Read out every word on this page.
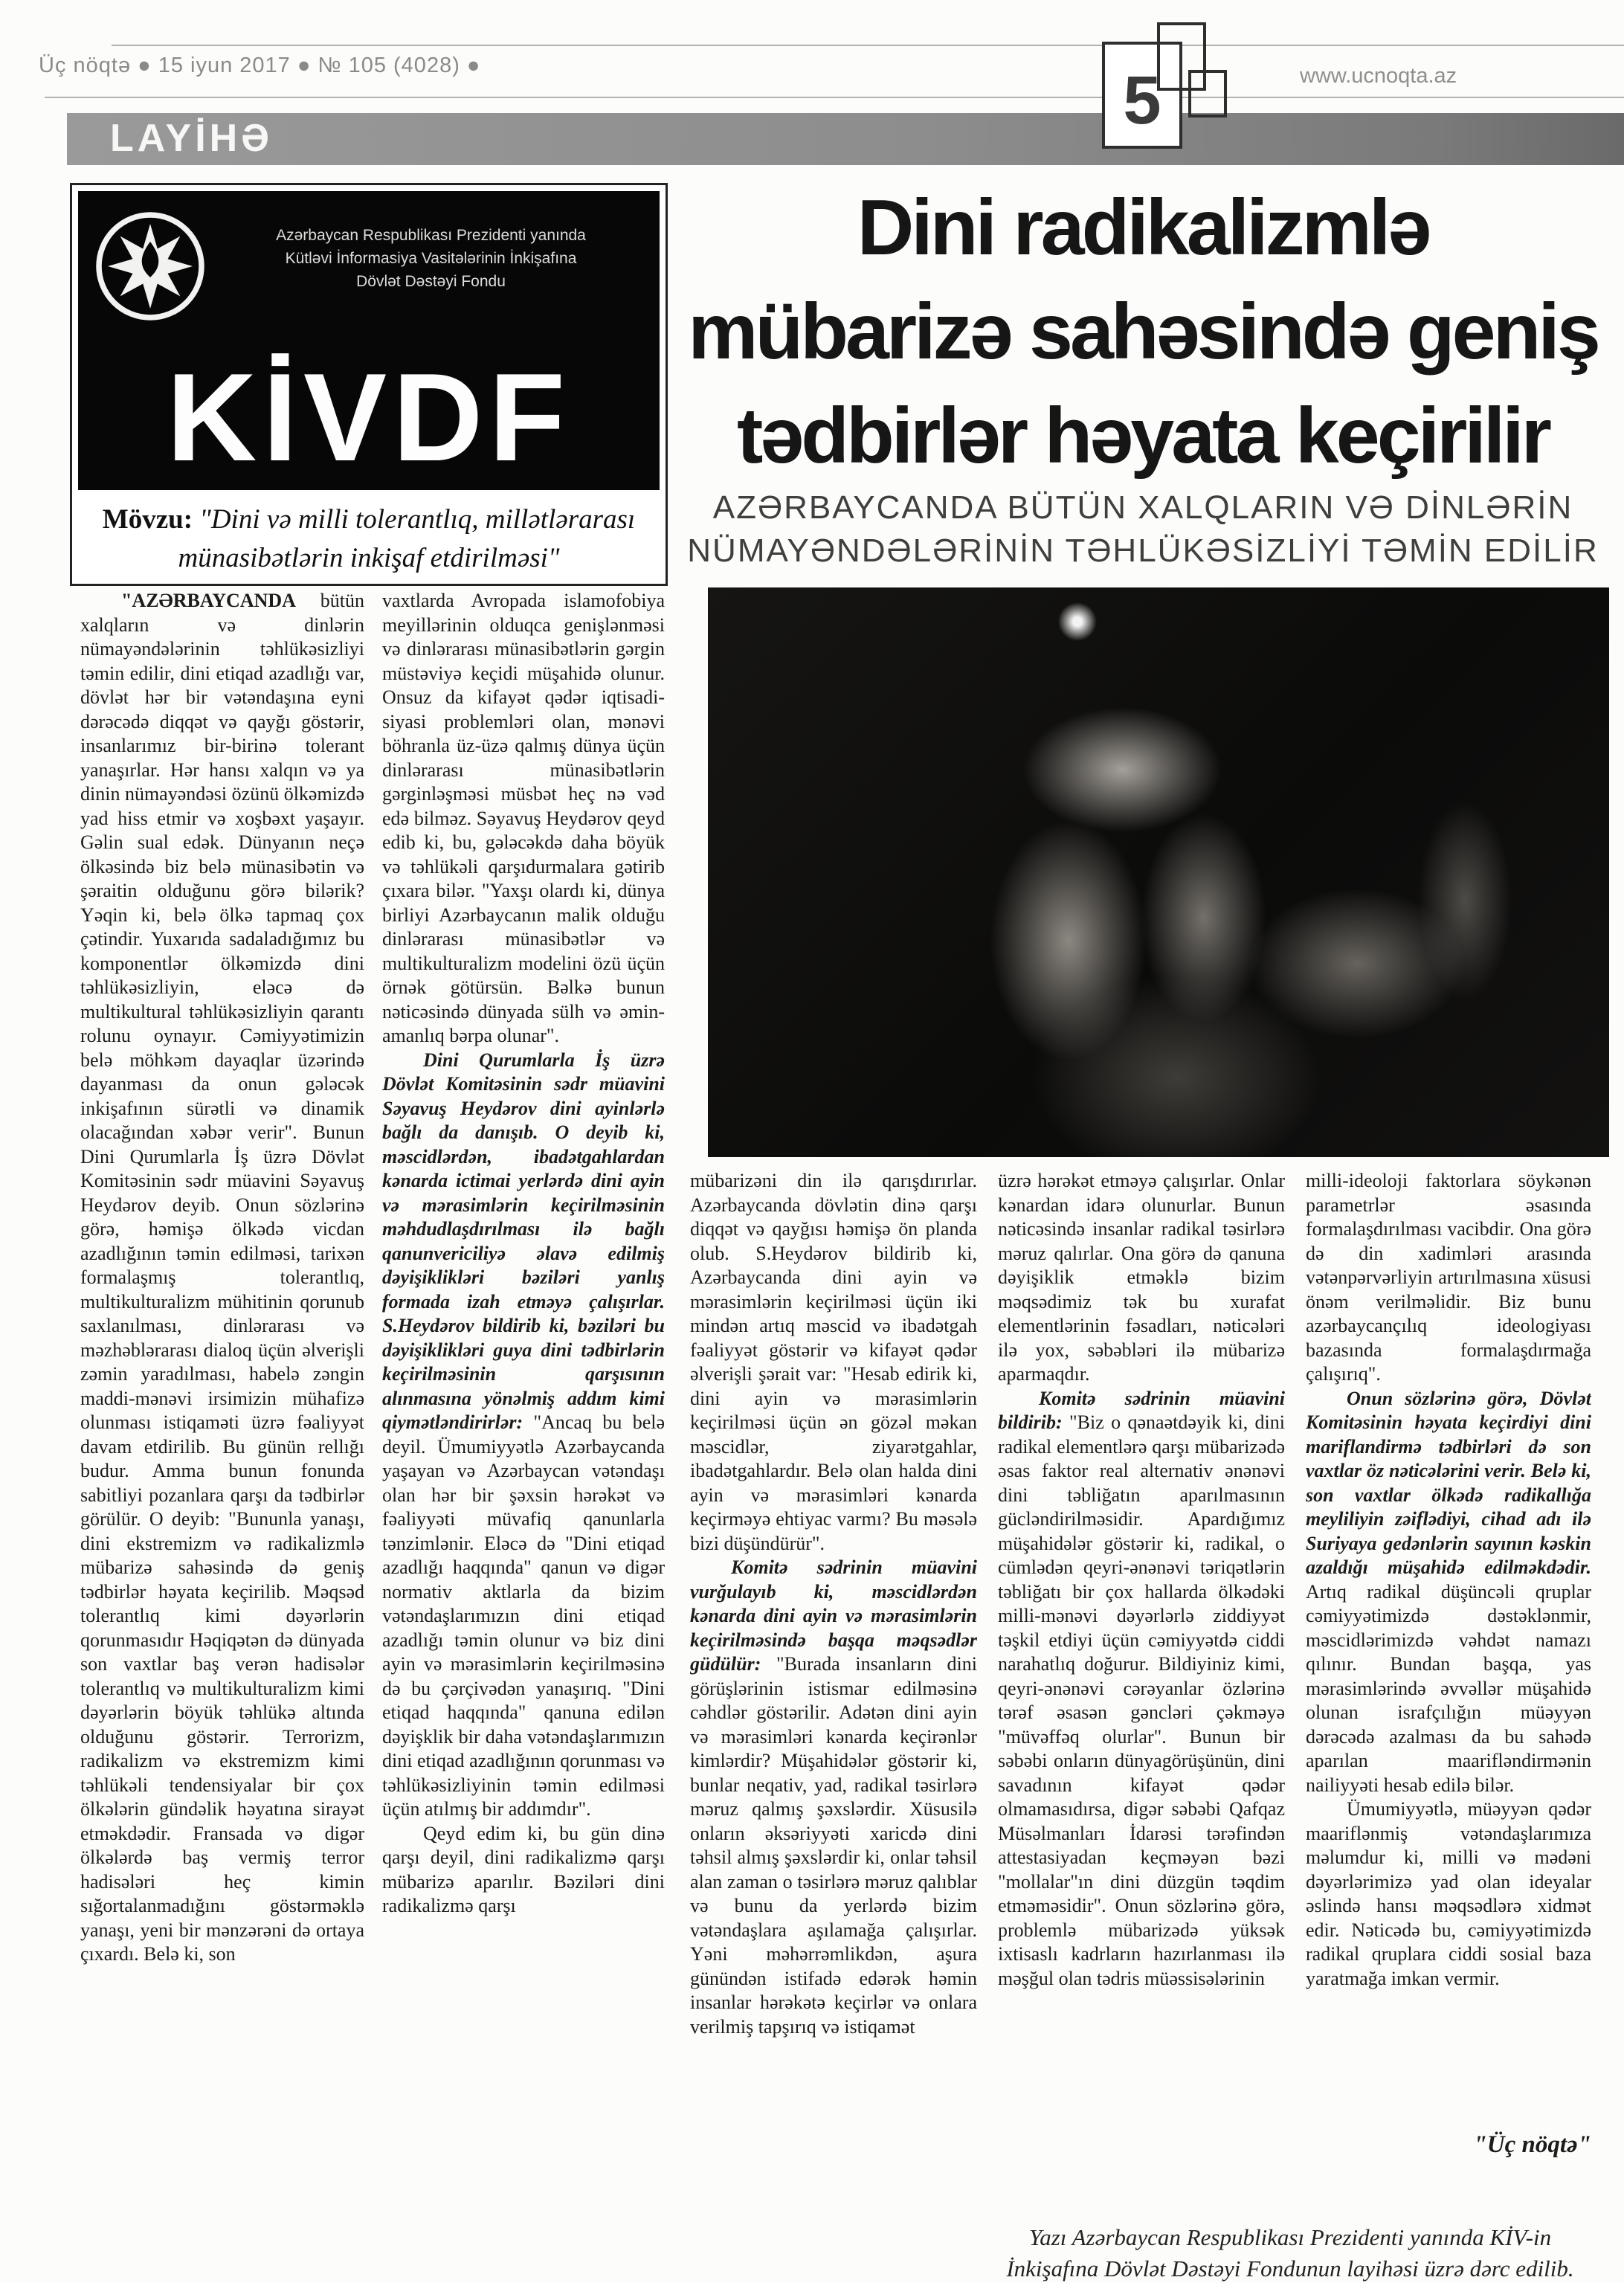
Üç nöqtə ● 15 iyun 2017 ● № 105 (4028) ●	www.ucnoqta.az
LAYİHƏ	5
Azərbaycan Respublikası Prezidenti yanında
Kütləvi İnformasiya Vasitələrinin İnkişafına
Dövlət Dəstəyi Fondu
KİVDF
Mövzu: "Dini və milli tolerantlıq, millətlərarası münasibətlərin inkişaf etdirilməsi"
Dini radikalizmlə
mübarizə sahəsində geniş
tədbirlər həyata keçirilir
AZƏRBAYCANDA BÜTÜN XALQLARIN VƏ DİNLƏRİN
NÜMAYƏNDƏLƏRİNİN TƏHLÜKƏSİZLİYİ TƏMİN EDİLİR

"AZƏRBAYCANDA bütün xalqların və dinlərin nümayəndələrinin təhlükəsizliyi təmin edilir, dini etiqad azadlığı var, dövlət hər bir vətəndaşına eyni dərəcədə diqqət və qayğı göstərir, insanlarımız bir-birinə tolerant yanaşırlar. Hər hansı xalqın və ya dinin nümayəndəsi özünü ölkəmizdə yad hiss etmir və xoşbəxt yaşayır. Gəlin sual edək. Dünyanın neçə ölkəsində biz belə münasibətin və şəraitin olduğunu görə bilərik? Yəqin ki, belə ölkə tapmaq çox çətindir. Yuxarıda sadaladığımız bu komponentlər ölkəmizdə dini təhlükəsizliyin, eləcə də multikultural təhlükəsizliyin qarantı rolunu oynayır. Cəmiyyətimizin belə möhkəm dayaqlar üzərində dayanması da onun gələcək inkişafının sürətli və dinamik olacağından xəbər verir". Bunun Dini Qurumlarla İş üzrə Dövlət Komitəsinin sədr müavini Səyavuş Heydərov deyib. Onun sözlərinə görə, həmişə ölkədə vicdan azadlığının təmin edilməsi, tarixən formalaşmış tolerantlıq, multikulturalizm mühitinin qorunub saxlanılması, dinlərarası və məzhəblərarası dialoq üçün əlverişli zəmin yaradılması, habelə zəngin maddi-mənəvi irsimizin mühafizə olunması istiqaməti üzrə fəaliyyət davam etdirilib. Bu günün rellığı budur. Amma bunun fonunda sabitliyi pozanlara qarşı da tədbirlər görülür. O deyib: "Bununla yanaşı, dini ekstremizm və radikalizmlə mübarizə sahəsində də geniş tədbirlər həyata keçirilib. Məqsəd tolerantlıq kimi dəyərlərin qorunmasıdır Həqiqətən də dünyada son vaxtlar baş verən hadisələr tolerantlıq və multikulturalizm kimi dəyərlərin böyük təhlükə altında olduğunu göstərir. Terrorizm, radikalizm və ekstremizm kimi təhlükəli tendensiyalar bir çox ölkələrin gündəlik həyatına sirayət etməkdədir. Fransada və digər ölkələrdə baş vermiş terror hadisələri heç kimin sığortalanmadığını göstərməklə yanaşı, yeni bir mənzərəni də ortaya çıxardı. Belə ki, son

vaxtlarda Avropada islamofobiya meyillərinin olduqca genişlənməsi və dinlərarası münasibətlərin gərgin müstəviyə keçidi müşahidə olunur. Onsuz da kifayət qədər iqtisadi-siyasi problemləri olan, mənəvi böhranla üz-üzə qalmış dünya üçün dinlərarası münasibətlərin gərginləşməsi müsbət heç nə vəd edə bilməz. Səyavuş Heydərov qeyd edib ki, bu, gələcəkdə daha böyük və təhlükəli qarşıdurmalara gətirib çıxara bilər. "Yaxşı olardı ki, dünya birliyi Azərbaycanın malik olduğu dinlərarası münasibətlər və multikulturalizm modelini özü üçün örnək götürsün. Bəlkə bunun nəticəsində dünyada sülh və əmin-amanlıq bərpa olunar".

Dini Qurumlarla İş üzrə Dövlət Komitəsinin sədr müavini Səyavuş Heydərov dini ayinlərlə bağlı da danışıb. O deyib ki, məscidlərdən, ibadətgahlardan kənarda ictimai yerlərdə dini ayin və mərasimlərin keçirilməsinin məhdudlaşdırılması ilə bağlı qanunvericiliyə əlavə edilmiş dəyişiklikləri bəziləri yanlış formada izah etməyə çalışırlar. S.Heydərov bildirib ki, bəziləri bu dəyişiklikləri guya dini tədbirlərin keçirilməsinin qarşısının alınmasına yönəlmiş addım kimi qiymətləndirirlər: "Ancaq bu belə deyil. Ümumiyyətlə Azərbaycanda yaşayan və Azərbaycan vətəndaşı olan hər bir şəxsin hərəkət və fəaliyyəti müvafiq qanunlarla tənzimlənir. Eləcə də "Dini etiqad azadlığı haqqında" qanun və digər normativ aktlarla da bizim vətəndaşlarımızın dini etiqad azadlığı təmin olunur və biz dini ayin və mərasimlərin keçirilməsinə də bu çərçivədən yanaşırıq. "Dini etiqad haqqında" qanuna edilən dəyişklik bir daha vətəndaşlarımızın dini etiqad azadlığının qorunması və təhlükəsizliyinin təmin edilməsi üçün atılmış bir addımdır".

Qeyd edim ki, bu gün dinə qarşı deyil, dini radikalizmə qarşı mübarizə aparılır. Bəziləri dini radikalizmə qarşı

mübarizəni din ilə qarışdırırlar. Azərbaycanda dövlətin dinə qarşı diqqət və qayğısı həmişə ön planda olub. S.Heydərov bildirib ki, Azərbaycanda dini ayin və mərasimlərin keçirilməsi üçün iki mindən artıq məscid və ibadətgah fəaliyyət göstərir və kifayət qədər əlverişli şərait var: "Hesab edirik ki, dini ayin və mərasimlərin keçirilməsi üçün ən gözəl məkan məscidlər, ziyarətgahlar, ibadətgahlardır. Belə olan halda dini ayin və mərasimləri kənarda keçirməyə ehtiyac varmı? Bu məsələ bizi düşündürür".

Komitə sədrinin müavini vurğulayıb ki, məscidlərdən kənarda dini ayin və mərasimlərin keçirilməsində başqa məqsədlər güdülür: "Burada insanların dini görüşlərinin istismar edilməsinə cəhdlər göstərilir. Adətən dini ayin və mərasimləri kənarda keçirənlər kimlərdir? Müşahidələr göstərir ki, bunlar neqativ, yad, radikal təsirlərə məruz qalmış şəxslərdir. Xüsusilə onların əksəriyyəti xaricdə dini təhsil almış şəxslərdir ki, onlar təhsil alan zaman o təsirlərə məruz qalıblar və bunu da yerlərdə bizim vətəndaşlara aşılamağa çalışırlar. Yəni məhərrəmlikdən, aşura günündən istifadə edərək həmin insanlar hərəkətə keçirlər və onlara verilmiş tapşırıq və istiqamət

üzrə hərəkət etməyə çalışırlar. Onlar kənardan idarə olunurlar. Bunun nəticəsində insanlar radikal təsirlərə məruz qalırlar. Ona görə də qanuna dəyişiklik etməklə bizim məqsədimiz tək bu xurafat elementlərinin fəsadları, nəticələri ilə yox, səbəbləri ilə mübarizə aparmaqdır.

Komitə sədrinin müavini bildirib: "Biz o qənaətdəyik ki, dini radikal elementlərə qarşı mübarizədə əsas faktor real alternativ ənənəvi dini təbliğatın aparılmasının gücləndirilməsidir. Apardığımız müşahidələr göstərir ki, radikal, o cümlədən qeyri-ənənəvi təriqətlərin təbliğatı bir çox hallarda ölkədəki milli-mənəvi dəyərlərlə ziddiyyət təşkil etdiyi üçün cəmiyyətdə ciddi narahatlıq doğurur. Bildiyiniz kimi, qeyri-ənənəvi cərəyanlar özlərinə tərəf əsasən gəncləri çəkməyə "müvəffəq olurlar". Bunun bir səbəbi onların dünyagörüşünün, dini savadının kifayət qədər olmamasıdırsa, digər səbəbi Qafqaz Müsəlmanları İdarəsi tərəfindən attestasiyadan keçməyən bəzi "mollalar"ın dini düzgün təqdim etməməsidir". Onun sözlərinə görə, problemlə mübarizədə yüksək ixtisaslı kadrların hazırlanması ilə məşğul olan tədris müəssisələrinin

milli-ideoloji faktorlara söykənən parametrlər əsasında formalaşdırılması vacibdir. Ona görə də din xadimləri arasında vətənpərvərliyin artırılmasına xüsusi önəm verilməlidir. Biz bunu azərbaycançılıq ideologiyası bazasında formalaşdırmağa çalışırıq".

Onun sözlərinə görə, Dövlət Komitəsinin həyata keçirdiyi dini mariflandirmə tədbirləri də son vaxtlar öz nəticələrini verir. Belə ki, son vaxtlar ölkədə radikallığa meyliliyin zəiflədiyi, cihad adı ilə Suriyaya gedənlərin sayının kəskin azaldığı müşahidə edilməkdədir. Artıq radikal düşüncəli qruplar cəmiyyətimizdə dəstəklənmir, məscidlərimizdə vəhdət namazı qılınır. Bundan başqa, yas mərasimlərində əvvəllər müşahidə olunan israfçılığın müəyyən dərəcədə azalması da bu sahədə aparılan maarifləndirmənin nailiyyəti hesab edilə bilər.

Ümumiyyətlə, müəyyən qədər maariflənmiş vətəndaşlarımıza məlumdur ki, milli və mədəni dəyərlərimizə yad olan ideyalar əslində hansı məqsədlərə xidmət edir. Nəticədə bu, cəmiyyətimizdə radikal qruplara ciddi sosial baza yaratmağa imkan vermir.

"Üç nöqtə"
Yazı Azərbaycan Respublikası Prezidenti yanında KİV-in
İnkişafına Dövlət Dəstəyi Fondunun layihəsi üzrə dərc edilib.
